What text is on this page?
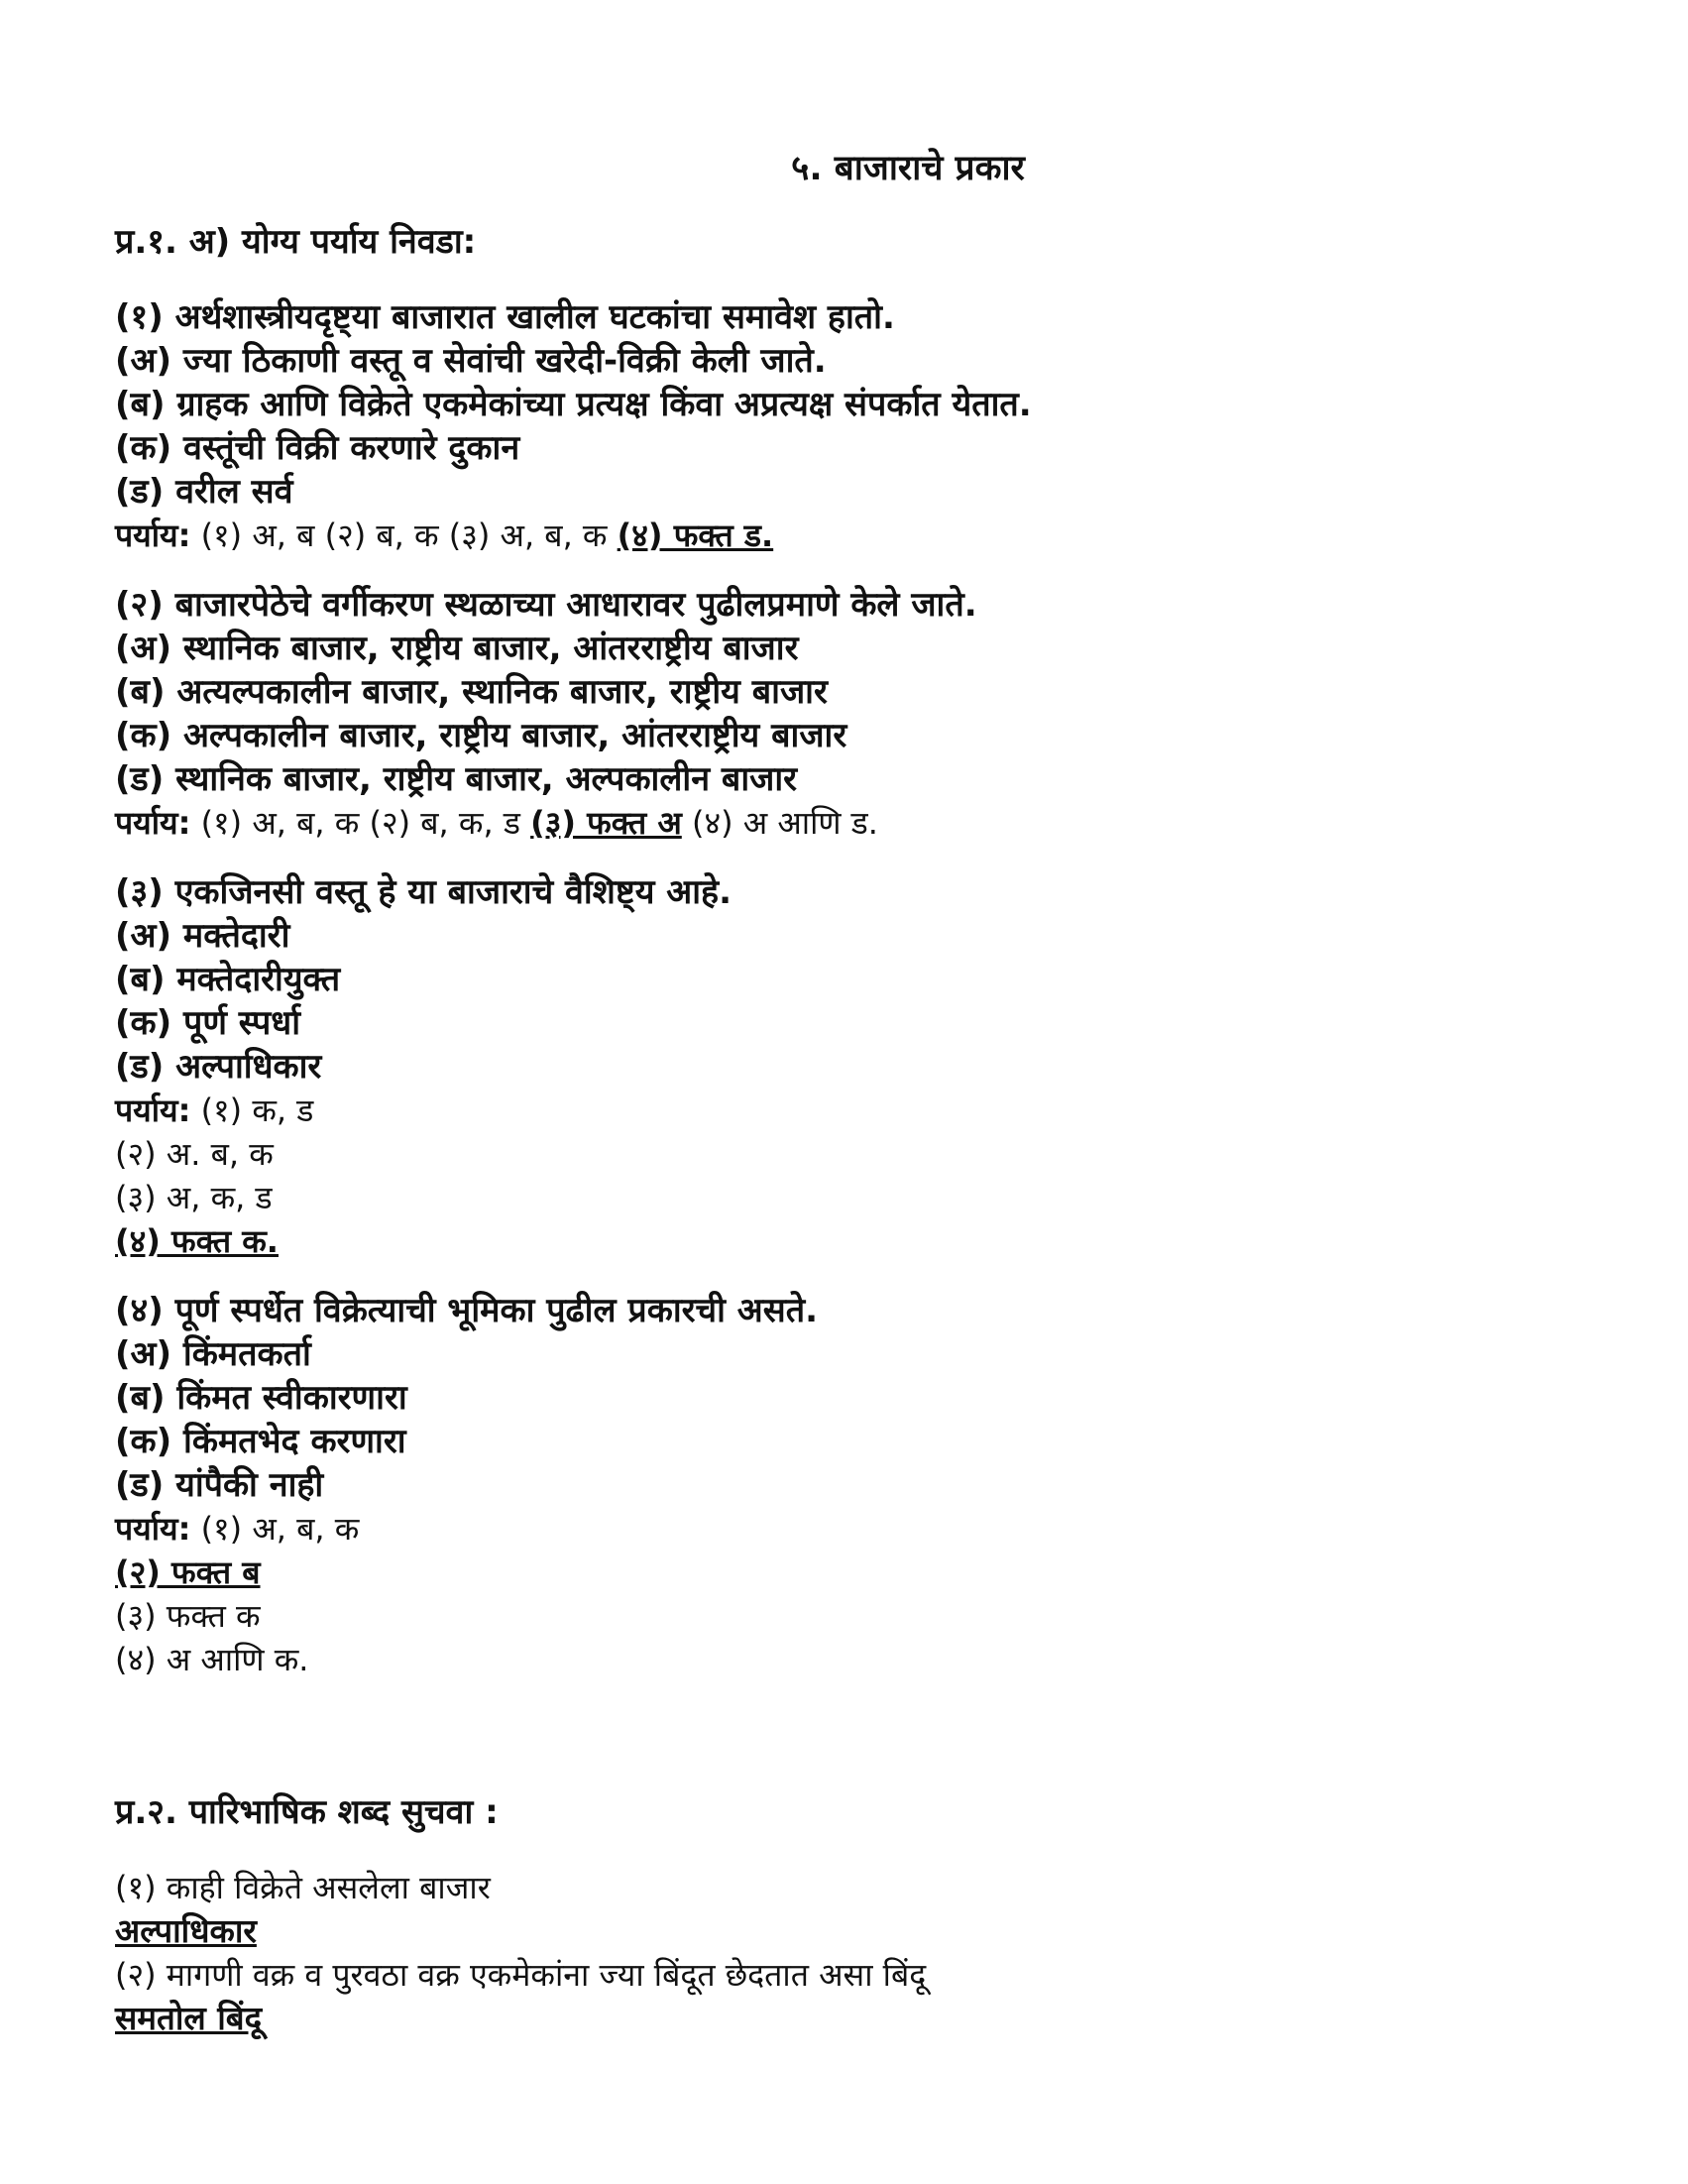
५. बाजाराचे प्रकार
प्र.१. अ) योग्य पर्याय निवडा:
(१) अर्थशास्त्रीयदृष्ट्या बाजारात खालील घटकांचा समावेश हातो.
(अ) ज्या ठिकाणी वस्तू व सेवांची खरेदी-विक्री केली जाते.
(ब) ग्राहक आणि विक्रेते एकमेकांच्या प्रत्यक्ष किंवा अप्रत्यक्ष संपर्कात येतात.
(क) वस्तूंची विक्री करणारे दुकान
(ड) वरील सर्व
पर्याय: (१) अ, ब (२) ब, क (३) अ, ब, क (४) फक्त ड.
(२) बाजारपेठेचे वर्गीकरण स्थळाच्या आधारावर पुढीलप्रमाणे केले जाते.
(अ) स्थानिक बाजार, राष्ट्रीय बाजार, आंतरराष्ट्रीय बाजार
(ब) अत्यल्पकालीन बाजार, स्थानिक बाजार, राष्ट्रीय बाजार
(क) अल्पकालीन बाजार, राष्ट्रीय बाजार, आंतरराष्ट्रीय बाजार
(ड) स्थानिक बाजार, राष्ट्रीय बाजार, अल्पकालीन बाजार
पर्याय: (१) अ, ब, क (२) ब, क, ड (३) फक्त अ (४) अ आणि ड.
(३) एकजिनसी वस्तू हे या बाजाराचे वैशिष्ट्य आहे.
(अ) मक्तेदारी
(ब) मक्तेदारीयुक्त
(क) पूर्ण स्पर्धा
(ड) अल्पाधिकार
पर्याय: (१) क, ड
(२) अ. ब, क
(३) अ, क, ड
(४) फक्त क.
(४) पूर्ण स्पर्धेत विक्रेत्याची भूमिका पुढील प्रकारची असते.
(अ) किंमतकर्ता
(ब) किंमत स्वीकारणारा
(क) किंमतभेद करणारा
(ड) यांपैकी नाही
पर्याय: (१) अ, ब, क
(२) फक्त ब
(३) फक्त क
(४) अ आणि क.
प्र.२. पारिभाषिक शब्द सुचवा :
(१) काही विक्रेते असलेला बाजार
अल्पाधिकार
(२) मागणी वक्र व पुरवठा वक्र एकमेकांना ज्या बिंदूत छेदतात असा बिंदू
समतोल बिंदू
